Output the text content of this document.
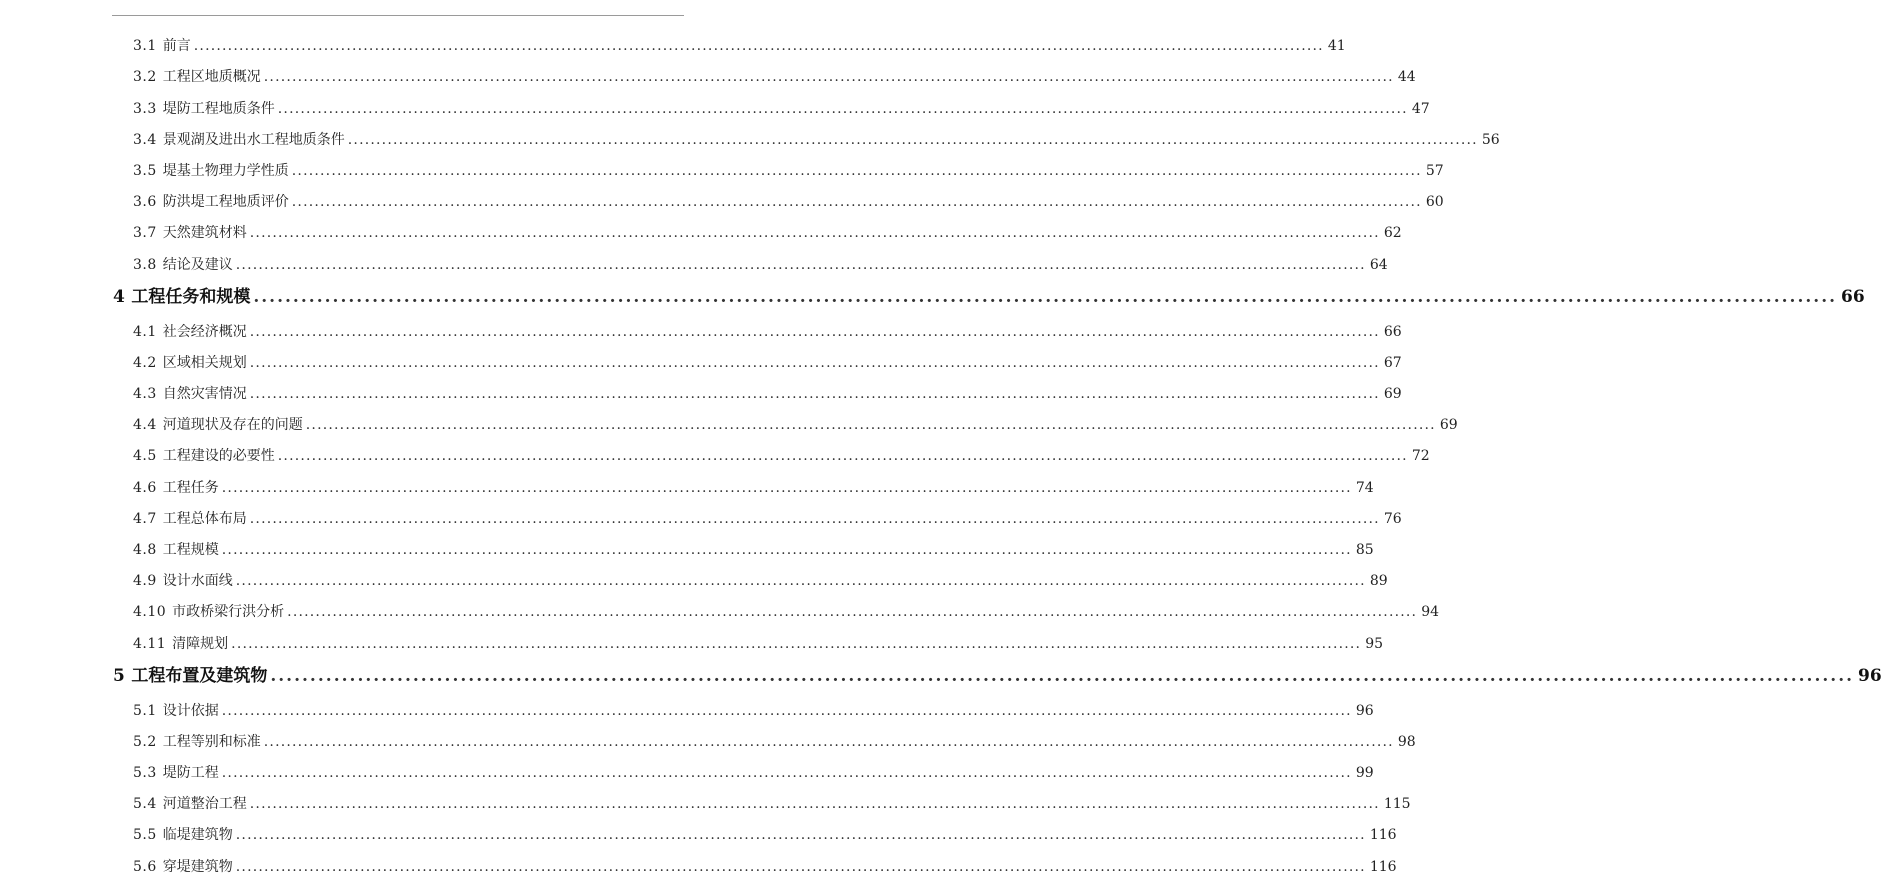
3.1 前言 ........................................................................................................................................................................................................ 41
3.2 工程区地质概况 ........................................................................................................................................................................................................ 44
3.3 堤防工程地质条件 ........................................................................................................................................................................................................ 47
3.4 景观湖及进出水工程地质条件 ........................................................................................................................................................................................................ 56
3.5 堤基土物理力学性质 ........................................................................................................................................................................................................ 57
3.6 防洪堤工程地质评价 ........................................................................................................................................................................................................ 60
3.7 天然建筑材料 ........................................................................................................................................................................................................ 62
3.8 结论及建议 ........................................................................................................................................................................................................ 64
4 工程任务和规模 ........................................................................................................................................................................................................ 66
4.1 社会经济概况 ........................................................................................................................................................................................................ 66
4.2 区域相关规划 ........................................................................................................................................................................................................ 67
4.3 自然灾害情况 ........................................................................................................................................................................................................ 69
4.4 河道现状及存在的问题 ........................................................................................................................................................................................................ 69
4.5 工程建设的必要性 ........................................................................................................................................................................................................ 72
4.6 工程任务 ........................................................................................................................................................................................................ 74
4.7 工程总体布局 ........................................................................................................................................................................................................ 76
4.8 工程规模 ........................................................................................................................................................................................................ 85
4.9 设计水面线 ........................................................................................................................................................................................................ 89
4.10 市政桥梁行洪分析 ........................................................................................................................................................................................................ 94
4.11 清障规划 ........................................................................................................................................................................................................ 95
5 工程布置及建筑物 ........................................................................................................................................................................................................ 96
5.1 设计依据 ........................................................................................................................................................................................................ 96
5.2 工程等别和标准 ........................................................................................................................................................................................................ 98
5.3 堤防工程 ........................................................................................................................................................................................................ 99
5.4 河道整治工程 ........................................................................................................................................................................................................ 115
5.5 临堤建筑物 ........................................................................................................................................................................................................ 116
5.6 穿堤建筑物 ........................................................................................................................................................................................................ 116
